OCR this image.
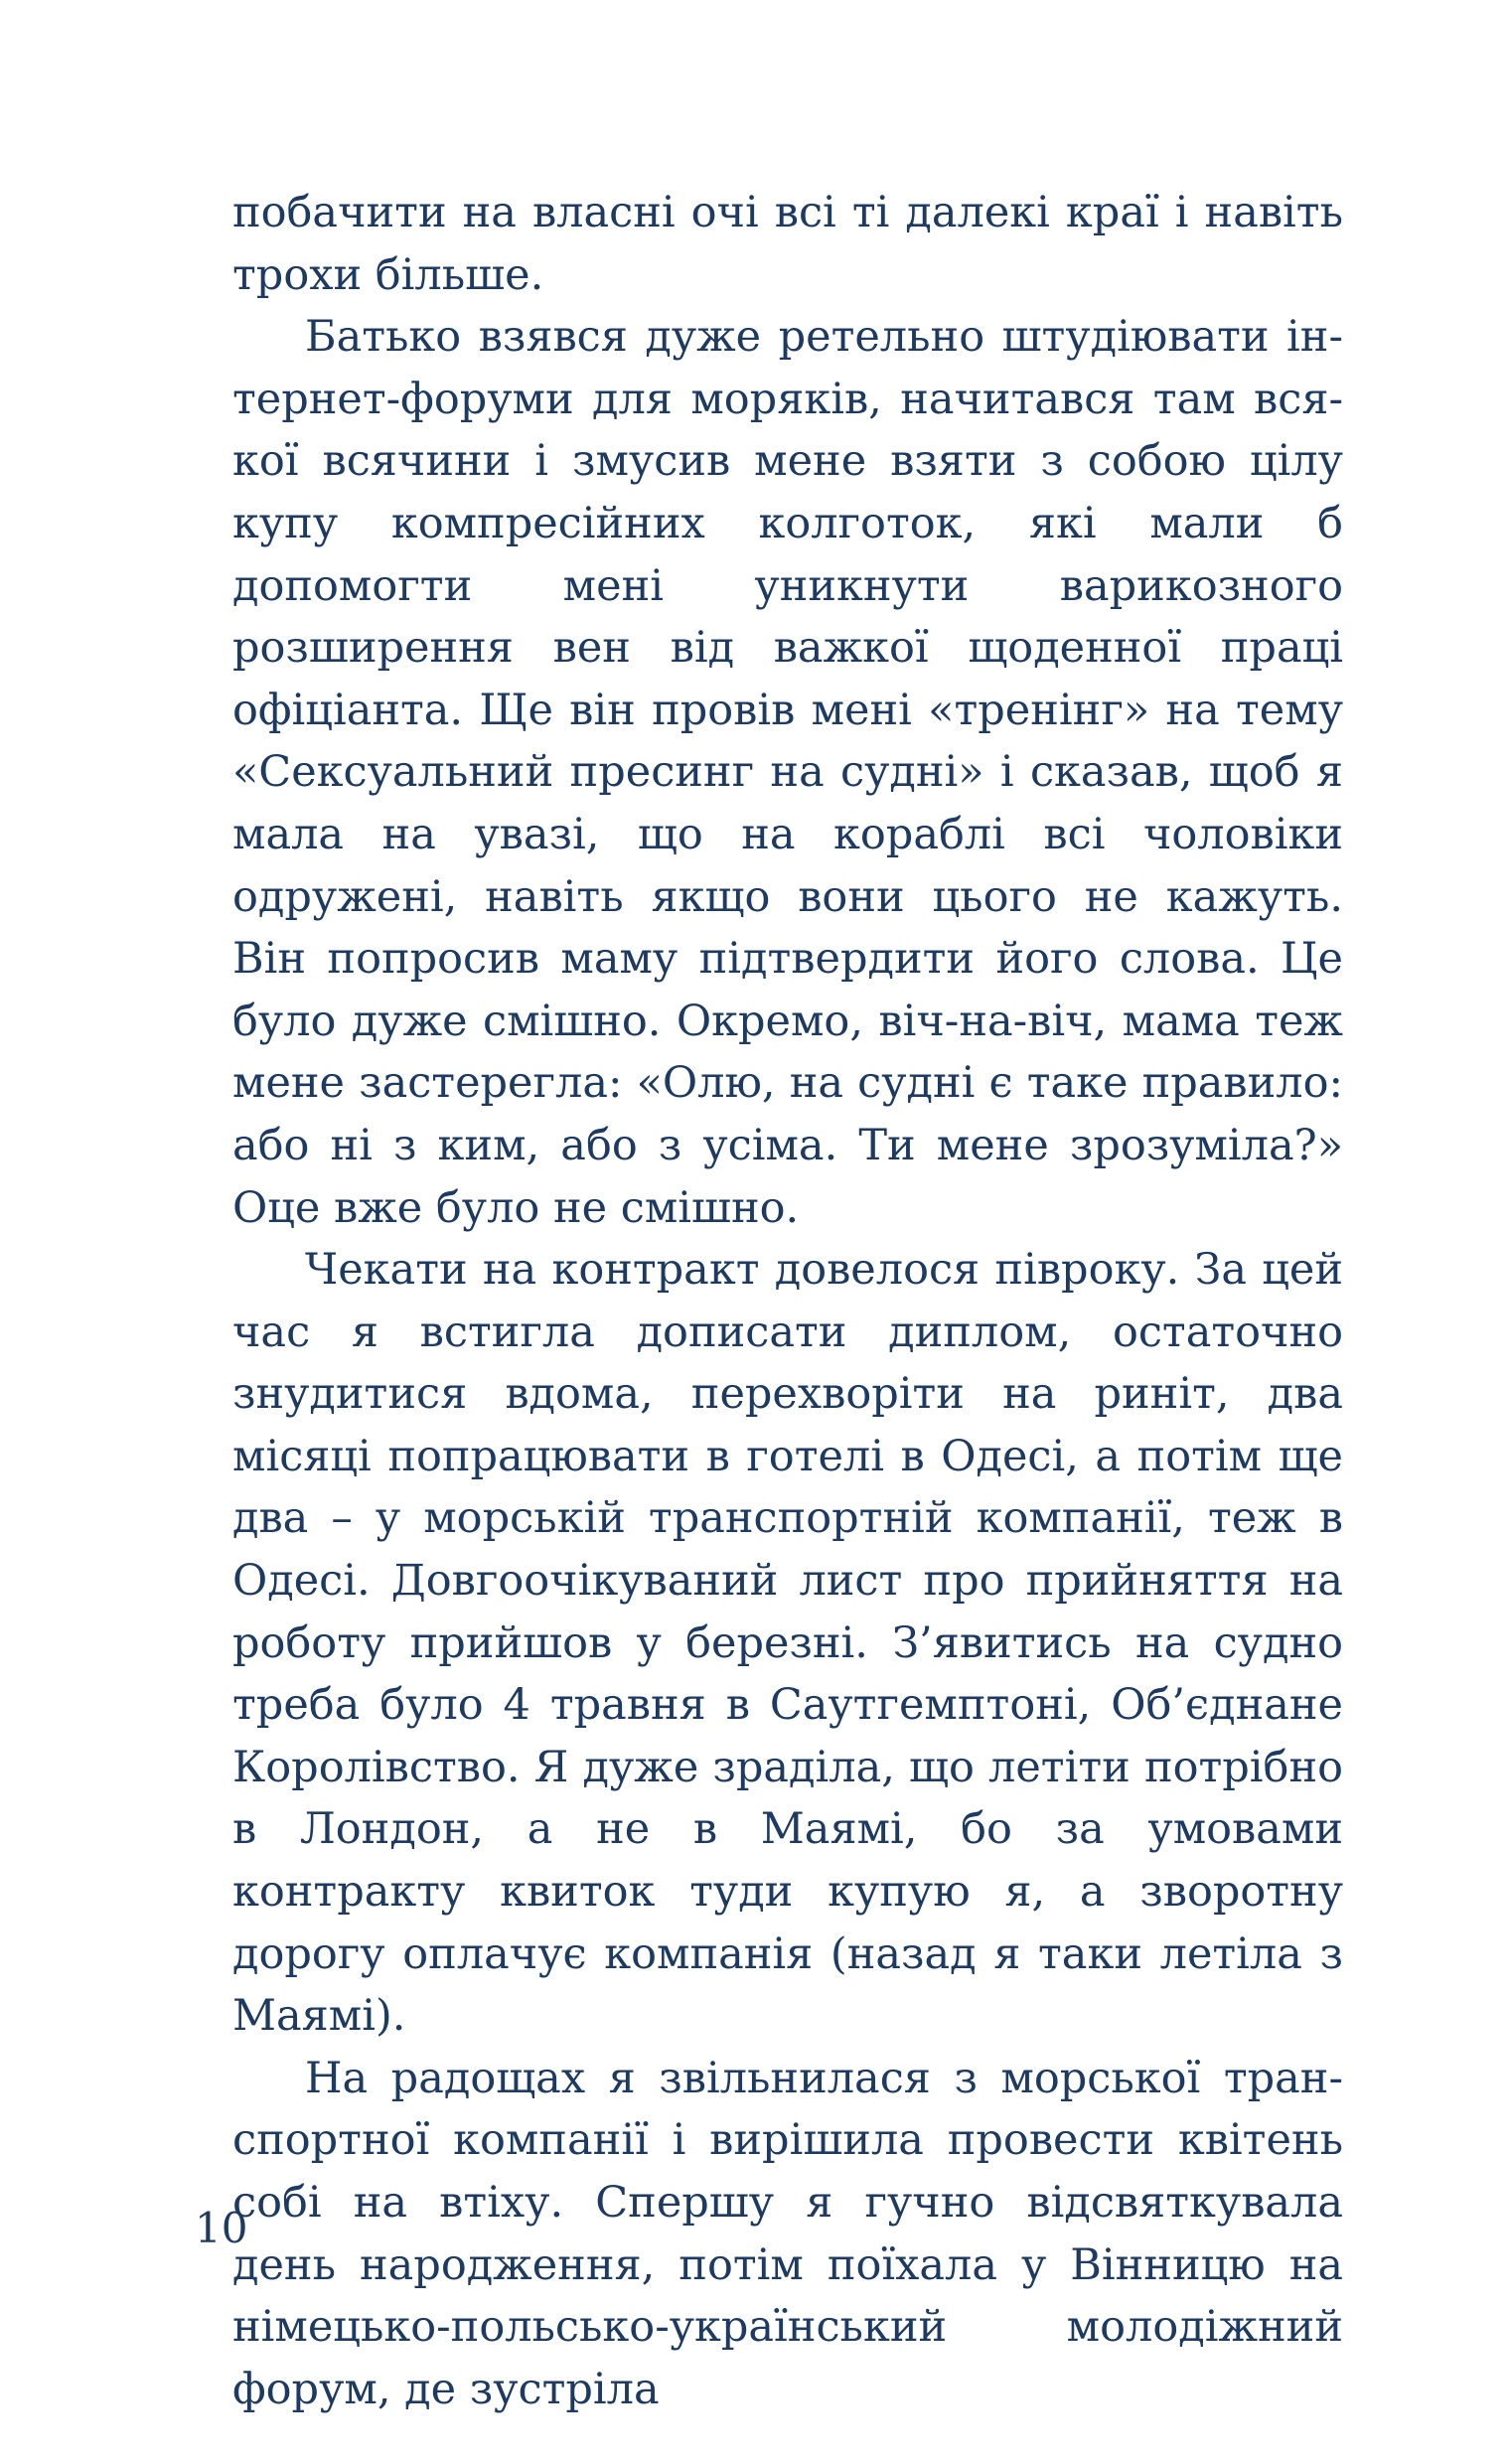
побачити на власні очі всі ті далекі краї і навіть трохи більше.

Батько взявся дуже ретельно штудіювати інтернет-форуми для моряків, начитався там всякої всячини і змусив мене взяти з собою цілу купу компресійних колготок, які мали б допомогти мені уникнути варикозного розширення вен від важкої щоденної праці офіціанта. Ще він провів мені «тренінг» на тему «Сексуальний пресинг на судні» і сказав, щоб я мала на увазі, що на кораблі всі чоловіки одружені, навіть якщо вони цього не кажуть. Він попросив маму підтвердити його слова. Це було дуже смішно. Окремо, віч-на-віч, мама теж мене застерегла: «Олю, на судні є таке правило: або ні з ким, або з усіма. Ти мене зрозуміла?» Оце вже було не смішно.

Чекати на контракт довелося півроку. За цей час я встигла дописати диплом, остаточно знудитися вдома, перехворіти на риніт, два місяці попрацювати в готелі в Одесі, а потім ще два – у морській транспортній компанії, теж в Одесі. Довгоочікуваний лист про прийняття на роботу прийшов у березні. З’явитись на судно треба було 4 травня в Саутгемптоні, Об’єднане Королівство. Я дуже зраділа, що летіти потрібно в Лондон, а не в Маямі, бо за умовами контракту квиток туди купую я, а зворотну дорогу оплачує компанія (назад я таки летіла з Маямі).

На радощах я звільнилася з морської транспортної компанії і вирішила провести квітень собі на втіху. Спершу я гучно відсвяткувала день народження, потім поїхала у Вінницю на німецько-польсько-український молодіжний форум, де зустріла

10
